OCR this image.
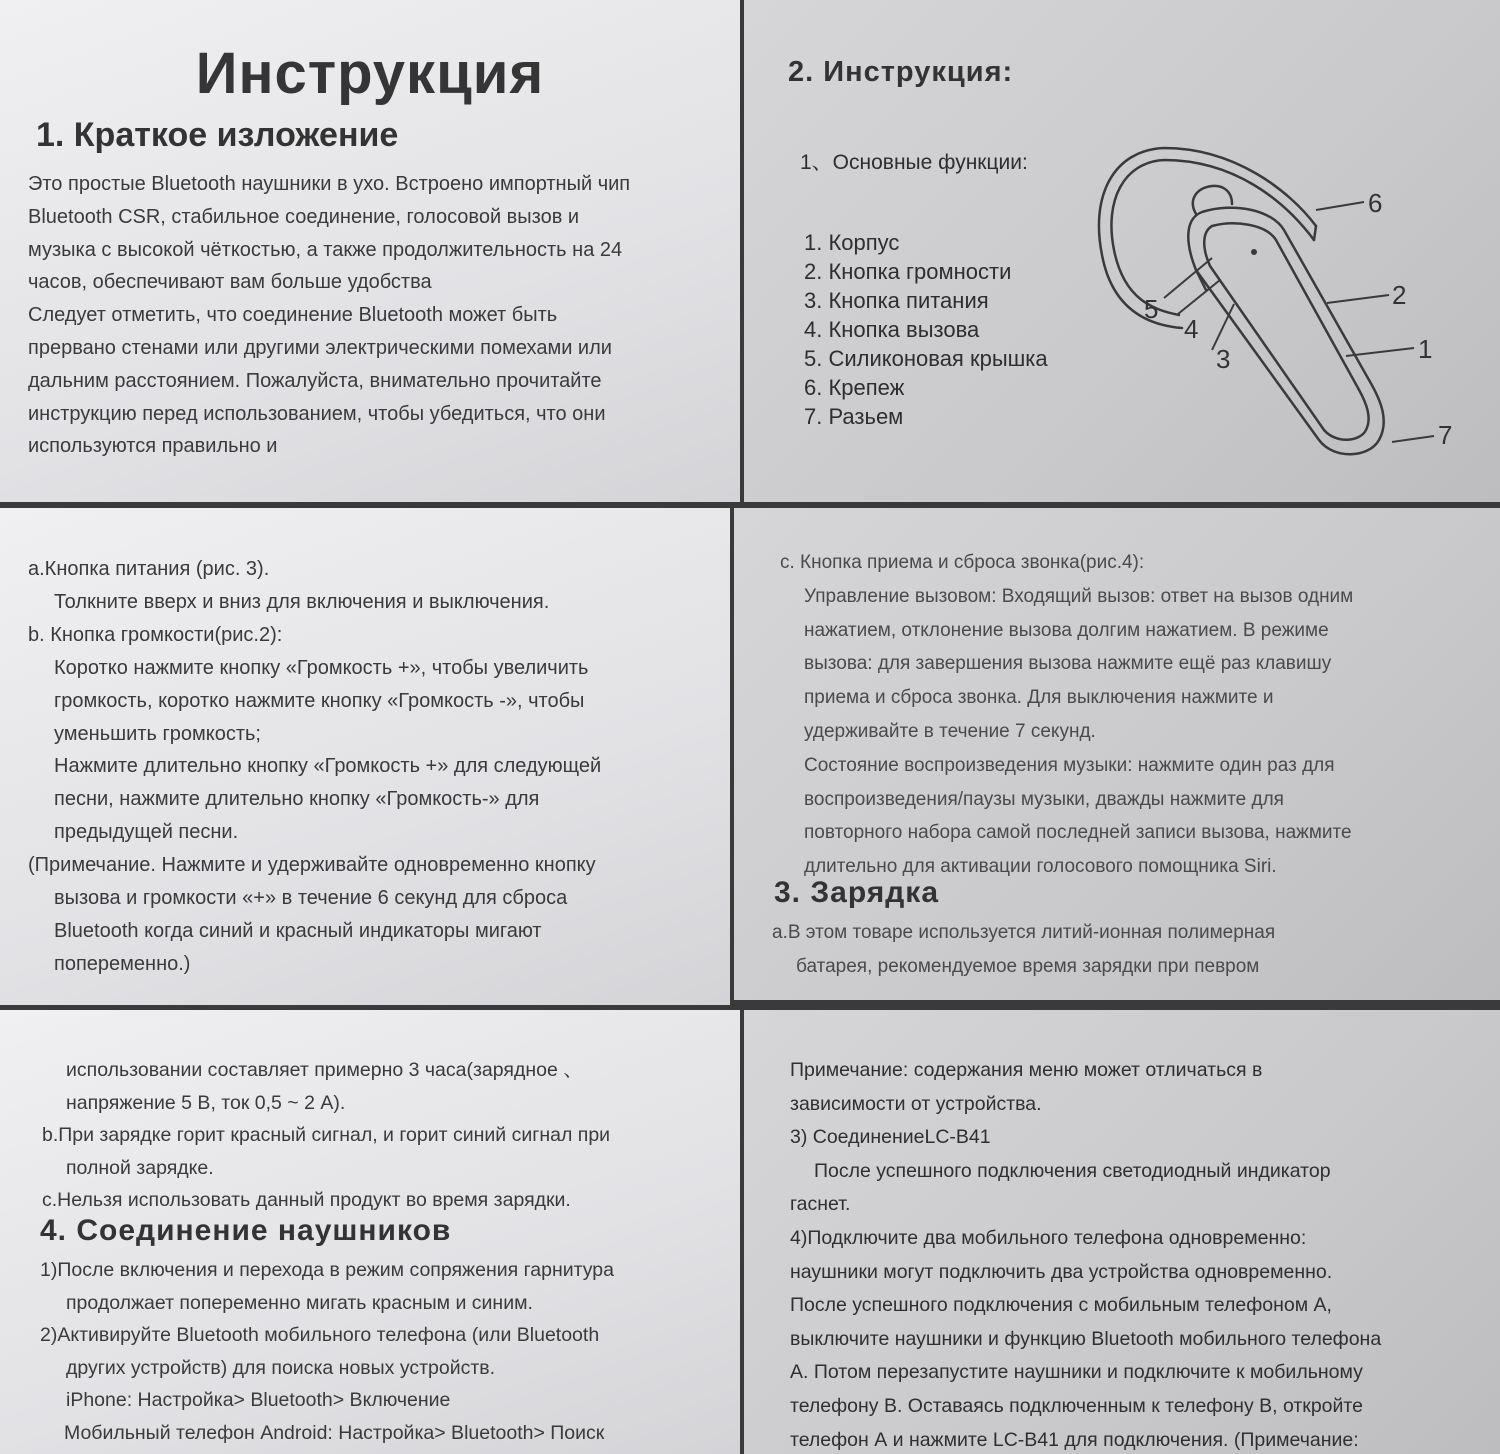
Инструкция
1. Краткое изложение

Это простые Bluetooth наушники в ухо. Встроено импортный чип
Bluetooth CSR, стабильное соединение, голосовой вызов и
музыка с высокой чёткостью, а также продолжительность на 24
часов, обеспечивают вам больше удобства
Следует отметить, что соединение Bluetooth может быть
прервано стенами или другими электрическими помехами или
дальним расстоянием. Пожалуйста, внимательно прочитайте
инструкцию перед использованием, чтобы убедиться, что они
используются правильно и

2. Инструкция:
1、Основные функции:
1. Корпус
2. Кнопка громности
3. Кнопка питания
4. Кнопка вызова
5. Силиконовая крышка
6. Крепеж
7. Разьем
6
2
1
7
5
4
3

a.Кнопка питания (рис. 3).
Толкните вверх и вниз для включения и выключения.
b. Кнопка громкости(рис.2):
Коротко нажмите кнопку «Громкость +», чтобы увеличить
громкость, коротко нажмите кнопку «Громкость -», чтобы
уменьшить громкость;
Нажмите длительно кнопку «Громкость +» для следующей
песни, нажмите длительно кнопку «Громкость-» для
предыдущей песни.
(Примечание. Нажмите и удерживайте одновременно кнопку
вызова и громкости «+» в течение 6 секунд для сброса
Bluetooth когда синий и красный индикаторы мигают
попеременно.)

c. Кнопка приема и сброса звонка(рис.4):
Управление вызовом: Входящий вызов: ответ на вызов одним
нажатием, отклонение вызова долгим нажатием. В режиме
вызова: для завершения вызова нажмите ещё раз клавишу
приема и сброса звонка. Для выключения нажмите и
удерживайте в течение 7 секунд.
Состояние воспроизведения музыки: нажмите один раз для
воспроизведения/паузы музыки, дважды нажмите для
повторного набора самой последней записи вызова, нажмите
длительно для активации голосового помощника Siri.

3. Зарядка

a.В этом товаре используется литий-ионная полимерная
батарея, рекомендуемое время зарядки при певром

использовании составляет примерно 3 часа(зарядное 、
напряжение 5 В, ток 0,5 ~ 2 А).
b.При зарядке горит красный сигнал, и горит синий сигнал при
полной зарядке.
c.Нельзя использовать данный продукт во время зарядки.

4. Соединение наушников

1)После включения и перехода в режим сопряжения гарнитура
продолжает попеременно мигать красным и синим.
2)Активируйте Bluetooth мобильного телефона (или Bluetooth
других устройств) для поиска новых устройств.
iPhone: Настройка> Bluetooth> Включение
Мобильный телефон Android: Настройка> Bluetooth> Поиск

Примечание: содержания меню может отличаться в
зависимости от устройства.
3) СоединениеLC-B41
После успешного подключения светодиодный индикатор
гаснет.
4)Подключите два мобильного телефона одновременно:
наушники могут подключить два устройства одновременно.
После успешного подключения с мобильным телефоном А,
выключите наушники и функцию Bluetooth мобильного телефона
А. Потом перезапустите наушники и подключите к мобильному
телефону В. Оставаясь подключенным к телефону В, откройте
телефон А и нажмите LC-B41 для подключения. (Примечание:
